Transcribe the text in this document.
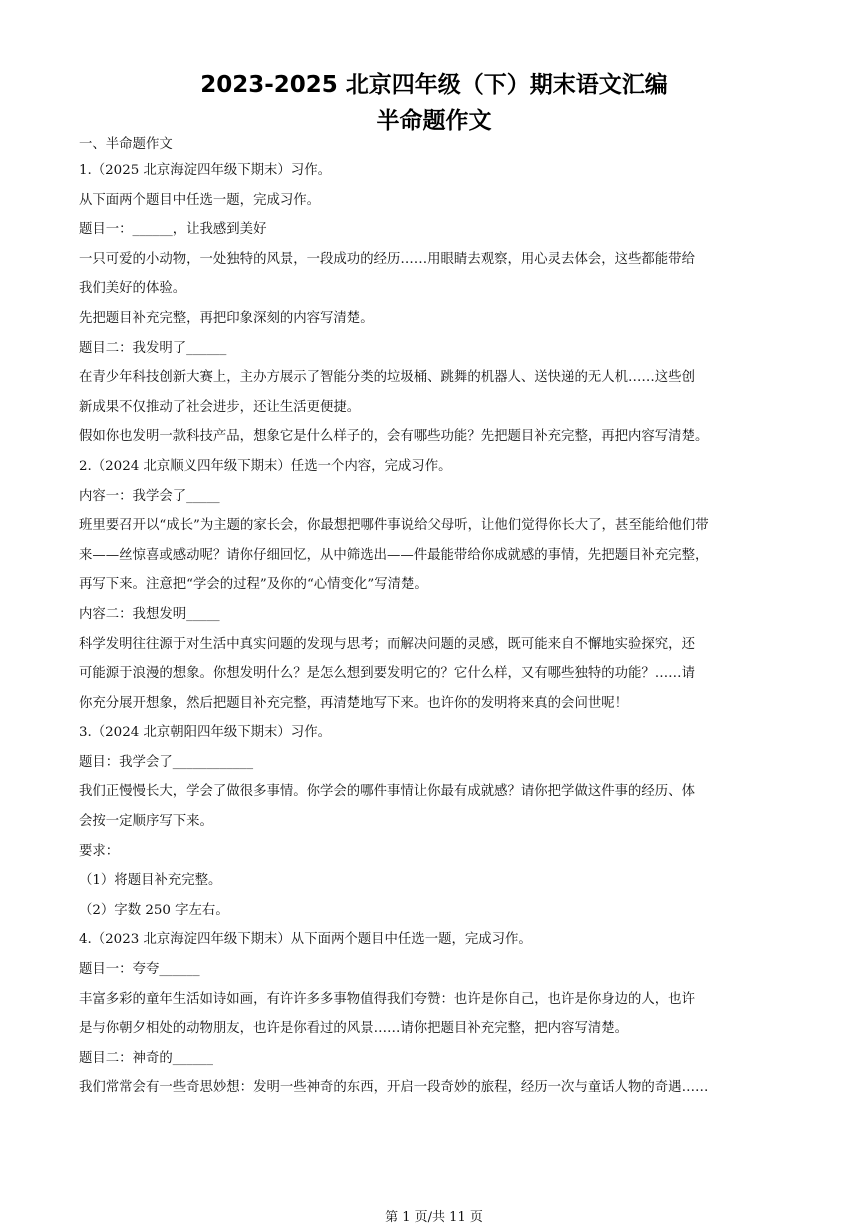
2023-2025 北京四年级（下）期末语文汇编
半命题作文
一、半命题作文
1.（2025 北京海淀四年级下期末）习作。
从下面两个题目中任选一题，完成习作。
题目一：______，让我感到美好
一只可爱的小动物，一处独特的风景，一段成功的经历……用眼睛去观察，用心灵去体会，这些都能带给
我们美好的体验。
先把题目补充完整，再把印象深刻的内容写清楚。
题目二：我发明了______
在青少年科技创新大赛上，主办方展示了智能分类的垃圾桶、跳舞的机器人、送快递的无人机……这些创
新成果不仅推动了社会进步，还让生活更便捷。
假如你也发明一款科技产品，想象它是什么样子的，会有哪些功能？先把题目补充完整，再把内容写清楚。
2.（2024 北京顺义四年级下期末）任选一个内容，完成习作。
内容一：我学会了_____
班里要召开以“成长”为主题的家长会，你最想把哪件事说给父母听，让他们觉得你长大了，甚至能给他们带
来——丝惊喜或感动呢？请你仔细回忆，从中筛选出——件最能带给你成就感的事情，先把题目补充完整，
再写下来。注意把“学会的过程”及你的“心情变化”写清楚。
内容二：我想发明_____
科学发明往往源于对生活中真实问题的发现与思考；而解决问题的灵感，既可能来自不懈地实验探究，还
可能源于浪漫的想象。你想发明什么？是怎么想到要发明它的？它什么样，又有哪些独特的功能？……请
你充分展开想象，然后把题目补充完整，再清楚地写下来。也许你的发明将来真的会问世呢！
3.（2024 北京朝阳四年级下期末）习作。
题目：我学会了____________
我们正慢慢长大，学会了做很多事情。你学会的哪件事情让你最有成就感？请你把学做这件事的经历、体
会按一定顺序写下来。
要求：
（1）将题目补充完整。
（2）字数 250 字左右。
4.（2023 北京海淀四年级下期末）从下面两个题目中任选一题，完成习作。
题目一：夸夸______
丰富多彩的童年生活如诗如画，有许许多多事物值得我们夸赞：也许是你自己，也许是你身边的人，也许
是与你朝夕相处的动物朋友，也许是你看过的风景……请你把题目补充完整，把内容写清楚。
题目二：神奇的______
我们常常会有一些奇思妙想：发明一些神奇的东西，开启一段奇妙的旅程，经历一次与童话人物的奇遇……
第 1 页/共 11 页
